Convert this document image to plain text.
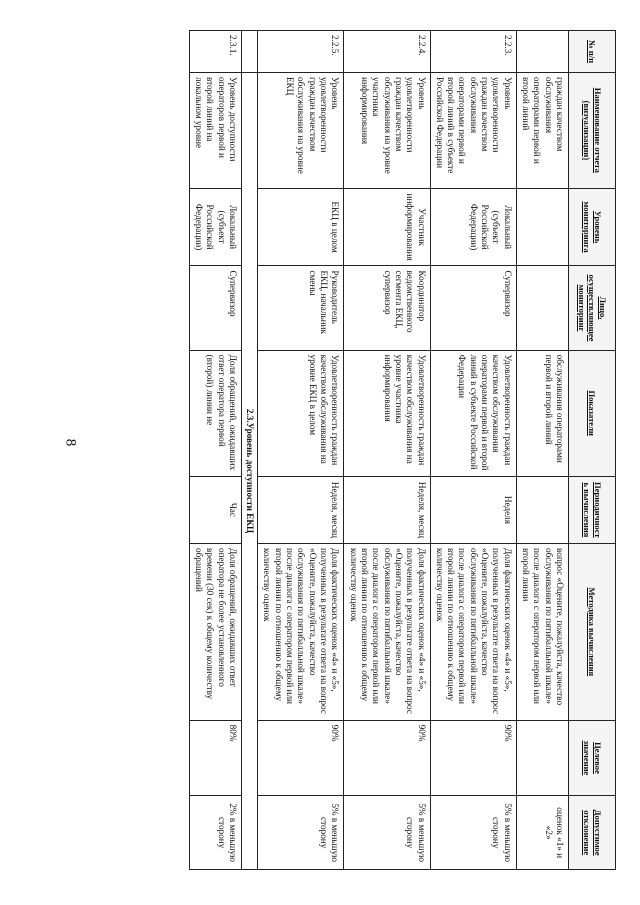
8
№ п/п	Наименование отчета (визуализации)	Уровень мониторинга	Лицо, осуществляющее мониторинг	Показатели	Периодичность вычисления	Методика вычисления	Целевое значение	Допустимое отклонение
	граждан качеством обслуживания операторами первой и второй линий			обслуживания операторами первой и второй линий		вопрос «Оцените, пожалуйста, качество обслуживания по пятибалльной шкале» после диалога с оператором первой или второй линии		оценок «1» и «2»
2.2.3.	Уровень удовлетворенности граждан качеством обслуживания операторами первой и второй линий в субъекте Российской Федерации	Локальный (субъект Российской Федерации)	Супервизор	Удовлетворенность граждан качеством обслуживания операторами первой и второй линий в субъекте Российской Федерации	Неделя	Доля фактических оценок «4» и «5», полученных в результате ответа на вопрос «Оцените, пожалуйста, качество обслуживания по пятибалльной шкале» после диалога с оператором первой или второй линии по отношению к общему количеству оценок	90%	5% в меньшую сторону
2.2.4.	Уровень удовлетворенности граждан качеством обслуживания на уровне участника информирования	Участник информирования	Координатор ведомственного сегмента ЕКЦ, супервизор	Удовлетворенность граждан качеством обслуживания на уровне участника информирования	Неделя, месяц	Доля фактических оценок «4» и «5», полученных в результате ответа на вопрос «Оцените, пожалуйста, качество обслуживания по пятибалльной шкале» после диалога с оператором первой или второй линии по отношению к общему количеству оценок	90%	5% в меньшую сторону
2.2.5.	Уровень удовлетворенности граждан качеством обслуживания на уровне ЕКЦ	ЕКЦ в целом	Руководитель ЕКЦ, начальник смены	Удовлетворенность граждан качеством обслуживания на уровне ЕКЦ в целом	Неделя, месяц	Доля фактических оценок «4» и «5», полученных в результате ответа на вопрос «Оцените, пожалуйста, качество обслуживания по пятибалльной шкале» после диалога с оператором первой или второй линии по отношению к общему количеству оценок	90%	5% в меньшую сторону
	2.3.Уровень доступности ЕКЦ							
2.3.1.	Уровень доступности операторов первой и второй линий на локальном уровне	Локальный (субъект Российской Федерации)	Супервизор	Доля обращений, ожидавших ответ оператора первой (второй) линии не	Час	Доля обращений, ожидавших ответ оператора не более установленного времени (30 сек) к общему количеству обращений	80%	2% в меньшую сторону
